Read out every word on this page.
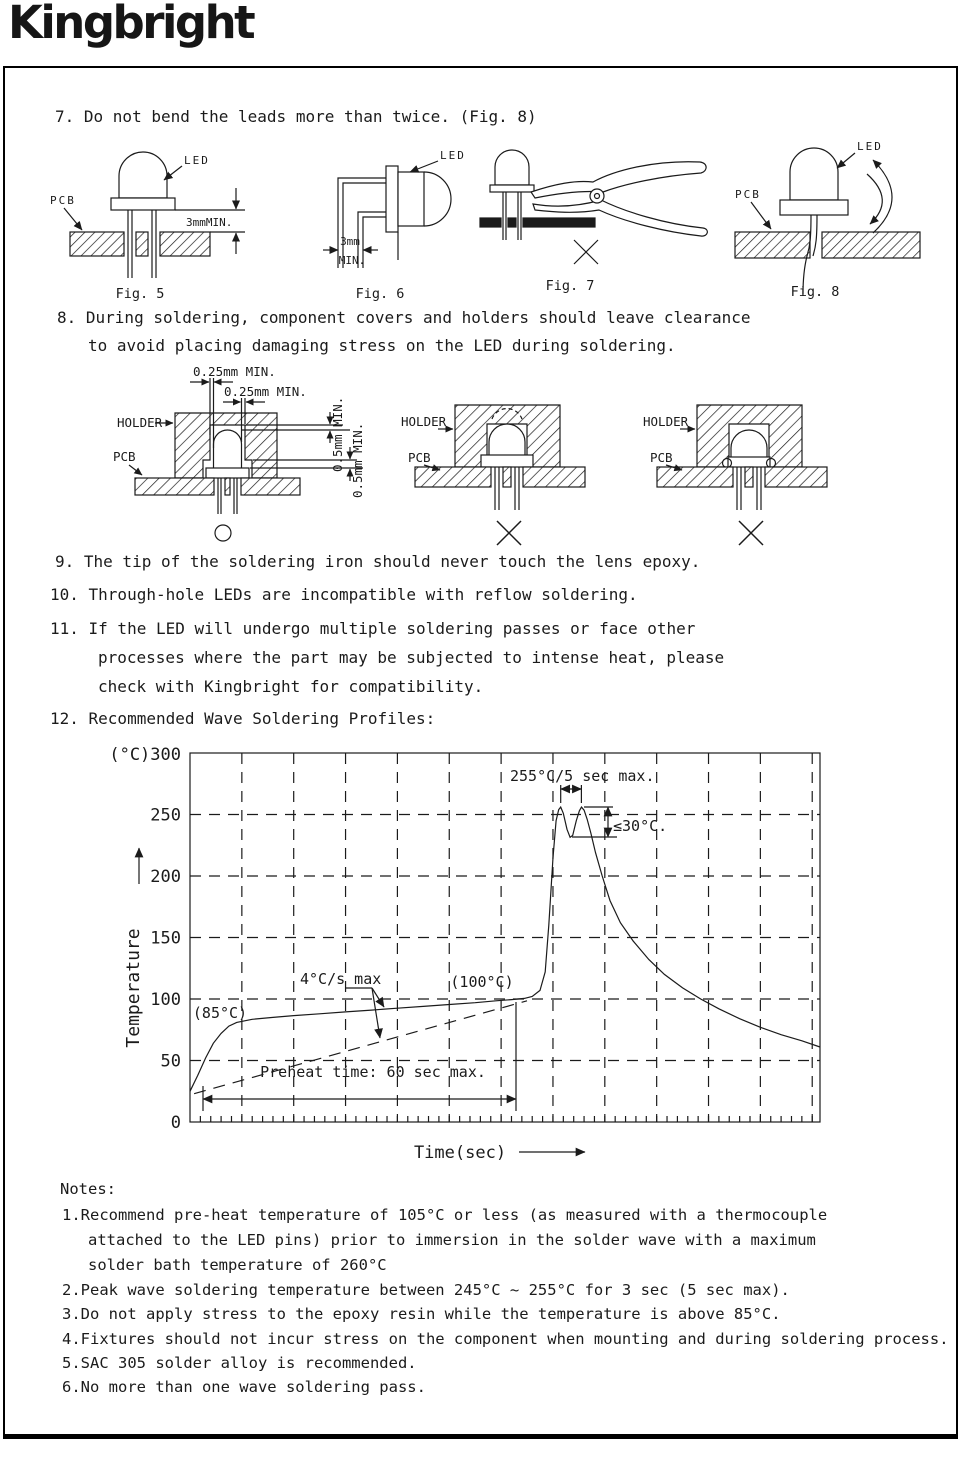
Kingbright
7. Do not bend the leads more than twice. (Fig. 8)
LED
PCB
3mmMIN.
Fig. 5
LED
3mm
MIN.
Fig. 6	Fig. 7
LED
PCB
Fig. 8
8. During soldering, component covers and holders should leave clearance
to avoid placing damaging stress on the LED during soldering.
0.25mm MIN.
0.25mm MIN.
0.5mm MIN. 0.5mm MIN.
HOLDER
PCB
HOLDER
PCB
HOLDER
PCB
9. The tip of the soldering iron should never touch the lens epoxy.
10. Through-hole LEDs are incompatible with reflow soldering.
11. If the LED will undergo multiple soldering passes or face other
processes where the part may be subjected to intense heat, please
check with Kingbright for compatibility.
12. Recommended Wave Soldering Profiles:
0
50
100
150
200
250
(°C)300
255°C/5 sec max.
≤30°C.
4°C/s max	(100°C)
(85°C)
Preheat time: 60 sec max.
Time(sec)
Temperature
Notes:
1.Recommend pre-heat temperature of 105°C or less (as measured with a thermocouple
attached to the LED pins) prior to immersion in the solder wave with a maximum
solder bath temperature of 260°C
2.Peak wave soldering temperature between 245°C ~ 255°C for 3 sec (5 sec max).
3.Do not apply stress to the epoxy resin while the temperature is above 85°C.
4.Fixtures should not incur stress on the component when mounting and during soldering process.
5.SAC 305 solder alloy is recommended.
6.No more than one wave soldering pass.
